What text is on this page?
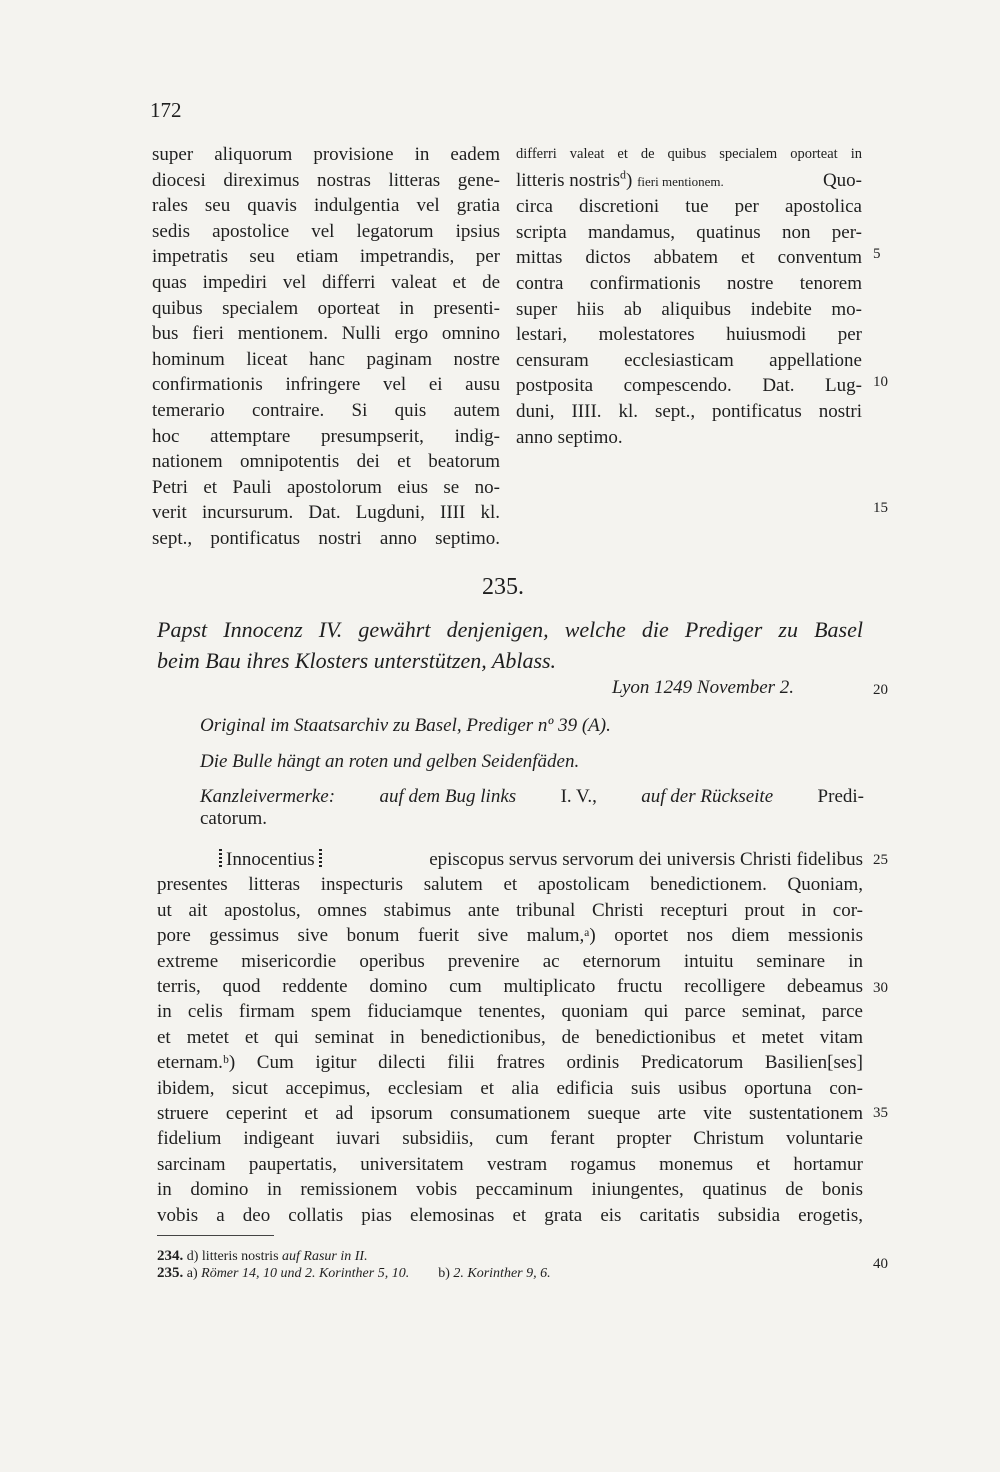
172
super aliquorum provisione in eadem
diocesi direximus nostras litteras gene-
rales seu quavis indulgentia vel gratia
sedis apostolice vel legatorum ipsius
impetratis seu etiam impetrandis, per
quas impediri vel differri valeat et de
quibus specialem oporteat in presenti-
bus fieri mentionem. Nulli ergo omnino
hominum liceat hanc paginam nostre
confirmationis infringere vel ei ausu
temerario contraire. Si quis autem
hoc attemptare presumpserit, indig-
nationem omnipotentis dei et beatorum
Petri et Pauli apostolorum eius se no-
verit incursurum. Dat. Lugduni, IIII kl.
sept., pontificatus nostri anno septimo.
differri valeat et de quibus specialem oporteat in
litteris nostris$^d$) fieri mentionem.	Quo-
circa discretioni tue per apostolica
scripta mandamus, quatinus non per-
mittas dictos abbatem et conventum
contra confirmationis nostre tenorem
super hiis ab aliquibus indebite mo-
lestari, molestatores huiusmodi per
censuram ecclesiasticam appellatione
postposita compescendo. Dat. Lug-
duni, IIII. kl. sept., pontificatus nostri
anno septimo.
5
10
15
20
25
30
35
40
235.
Papst Innocenz IV. gewährt denjenigen, welche die Prediger zu Basel
beim Bau ihres Klosters unterstützen, Ablass.
Lyon 1249 November 2.
Original im Staatsarchiv zu Basel, Prediger nº 39 (A).
Die Bulle hängt an roten und gelben Seidenfäden.
Kanzleivermerke: auf dem Bug links I. V., auf der Rückseite Predi-
catorum.
Innocentius	episcopus servus servorum dei universis Christi fidelibus
presentes litteras inspecturis salutem et apostolicam benedictionem. Quoniam,
ut ait apostolus, omnes stabimus ante tribunal Christi recepturi prout in cor-
pore gessimus sive bonum fuerit sive malum,ᵃ) oportet nos diem messionis
extreme misericordie operibus prevenire ac eternorum intuitu seminare in
terris, quod reddente domino cum multiplicato fructu recolligere debeamus
in celis firmam spem fiduciamque tenentes, quoniam qui parce seminat, parce
et metet et qui seminat in benedictionibus, de benedictionibus et metet vitam
eternam.ᵇ) Cum igitur dilecti filii fratres ordinis Predicatorum Basilien[ses]
ibidem, sicut accepimus, ecclesiam et alia edificia suis usibus oportuna con-
struere ceperint et ad ipsorum consumationem sueque arte vite sustentationem
fidelium indigeant iuvari subsidiis, cum ferant propter Christum voluntarie
sarcinam paupertatis, universitatem vestram rogamus monemus et hortamur
in domino in remissionem vobis peccaminum iniungentes, quatinus de bonis
vobis a deo collatis pias elemosinas et grata eis caritatis subsidia erogetis,
234. d) litteris nostris auf Rasur in II.
235. a) Römer 14, 10 und 2. Korinther 5, 10. b) 2. Korinther 9, 6.
